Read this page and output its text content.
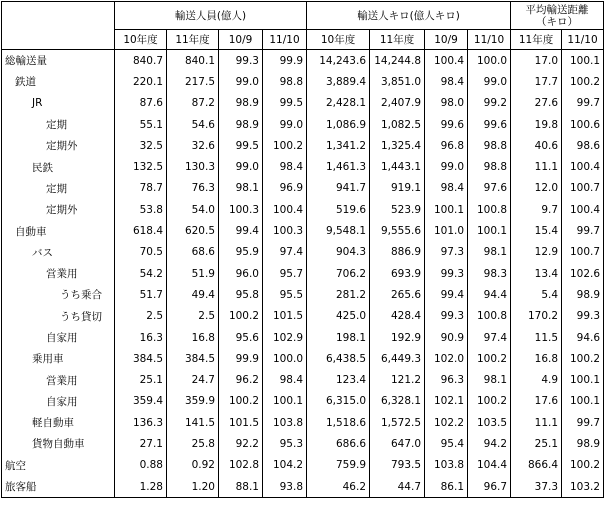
	輸送人員(億人)				輸送人キロ(億人キロ)				平均輸送距離
（キロ）	
	10年度	11年度	10/9	11/10	10年度	11年度	10/9	11/10	11年度	11/10
総輸送量	840.7	840.1	99.3	99.9	14,243.6	14,244.8	100.4	100.0	17.0	100.1
鉄道	220.1	217.5	99.0	98.8	3,889.4	3,851.0	98.4	99.0	17.7	100.2
JR	87.6	87.2	98.9	99.5	2,428.1	2,407.9	98.0	99.2	27.6	99.7
定期	55.1	54.6	98.9	99.0	1,086.9	1,082.5	99.6	99.6	19.8	100.6
定期外	32.5	32.6	99.5	100.2	1,341.2	1,325.4	96.8	98.8	40.6	98.6
民鉄	132.5	130.3	99.0	98.4	1,461.3	1,443.1	99.0	98.8	11.1	100.4
定期	78.7	76.3	98.1	96.9	941.7	919.1	98.4	97.6	12.0	100.7
定期外	53.8	54.0	100.3	100.4	519.6	523.9	100.1	100.8	9.7	100.4
自動車	618.4	620.5	99.4	100.3	9,548.1	9,555.6	101.0	100.1	15.4	99.7
バス	70.5	68.6	95.9	97.4	904.3	886.9	97.3	98.1	12.9	100.7
営業用	54.2	51.9	96.0	95.7	706.2	693.9	99.3	98.3	13.4	102.6
うち乗合	51.7	49.4	95.8	95.5	281.2	265.6	99.4	94.4	5.4	98.9
うち貸切	2.5	2.5	100.2	101.5	425.0	428.4	99.3	100.8	170.2	99.3
自家用	16.3	16.8	95.6	102.9	198.1	192.9	90.9	97.4	11.5	94.6
乗用車	384.5	384.5	99.9	100.0	6,438.5	6,449.3	102.0	100.2	16.8	100.2
営業用	25.1	24.7	96.2	98.4	123.4	121.2	96.3	98.1	4.9	100.1
自家用	359.4	359.9	100.2	100.1	6,315.0	6,328.1	102.1	100.2	17.6	100.1
軽自動車	136.3	141.5	101.5	103.8	1,518.6	1,572.5	102.2	103.5	11.1	99.7
貨物自動車	27.1	25.8	92.2	95.3	686.6	647.0	95.4	94.2	25.1	98.9
航空	0.88	0.92	102.8	104.2	759.9	793.5	103.8	104.4	866.4	100.2
旅客船	1.28	1.20	88.1	93.8	46.2	44.7	86.1	96.7	37.3	103.2
